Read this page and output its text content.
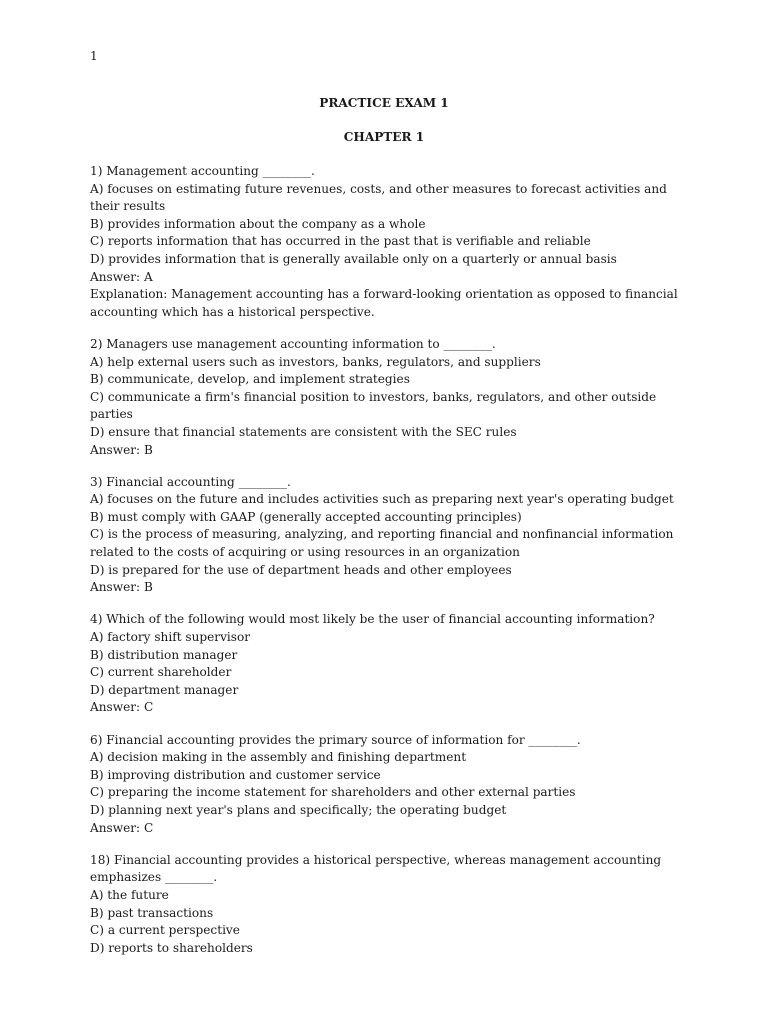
1
PRACTICE EXAM 1
CHAPTER 1

1) Management accounting ________.

A) focuses on estimating future revenues, costs, and other measures to forecast activities and their results

B) provides information about the company as a whole

C) reports information that has occurred in the past that is verifiable and reliable

D) provides information that is generally available only on a quarterly or annual basis

Answer: A

Explanation: Management accounting has a forward-looking orientation as opposed to financial accounting which has a historical perspective.

2) Managers use management accounting information to ________.

A) help external users such as investors, banks, regulators, and suppliers

B) communicate, develop, and implement strategies

C) communicate a firm's financial position to investors, banks, regulators, and other outside parties

D) ensure that financial statements are consistent with the SEC rules

Answer: B

3) Financial accounting ________.

A) focuses on the future and includes activities such as preparing next year's operating budget

B) must comply with GAAP (generally accepted accounting principles)

C) is the process of measuring, analyzing, and reporting financial and nonfinancial information related to the costs of acquiring or using resources in an organization

D) is prepared for the use of department heads and other employees

Answer: B

4) Which of the following would most likely be the user of financial accounting information?

A) factory shift supervisor

B) distribution manager

C) current shareholder

D) department manager

Answer: C

6) Financial accounting provides the primary source of information for ________.

A) decision making in the assembly and finishing department

B) improving distribution and customer service

C) preparing the income statement for shareholders and other external parties

D) planning next year's plans and specifically; the operating budget

Answer: C

18) Financial accounting provides a historical perspective, whereas management accounting emphasizes ________.

A) the future

B) past transactions

C) a current perspective

D) reports to shareholders
